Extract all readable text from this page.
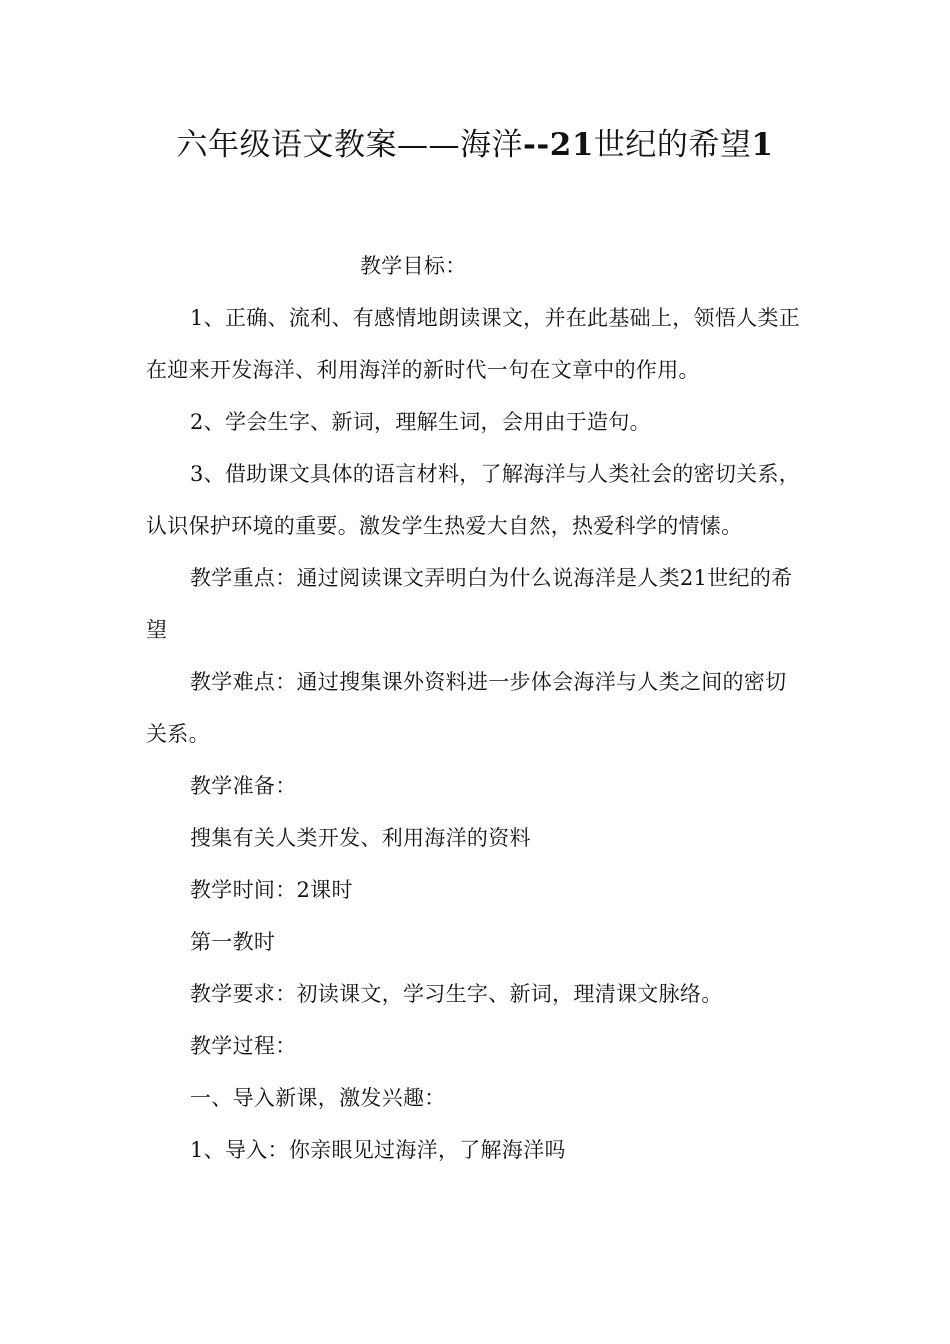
六年级语文教案——海洋--21世纪的希望1

教学目标：

1、正确、流利、有感情地朗读课文，并在此基础上，领悟人类正在迎来开发海洋、利用海洋的新时代一句在文章中的作用。

2、学会生字、新词，理解生词，会用由于造句。

3、借助课文具体的语言材料，了解海洋与人类社会的密切关系，认识保护环境的重要。激发学生热爱大自然，热爱科学的情愫。

教学重点：通过阅读课文弄明白为什么说海洋是人类21世纪的希望

教学难点：通过搜集课外资料进一步体会海洋与人类之间的密切关系。

教学准备：

搜集有关人类开发、利用海洋的资料

教学时间：2课时

第一教时

教学要求：初读课文，学习生字、新词，理清课文脉络。

教学过程：

一、导入新课，激发兴趣：

1、导入：你亲眼见过海洋，了解海洋吗
